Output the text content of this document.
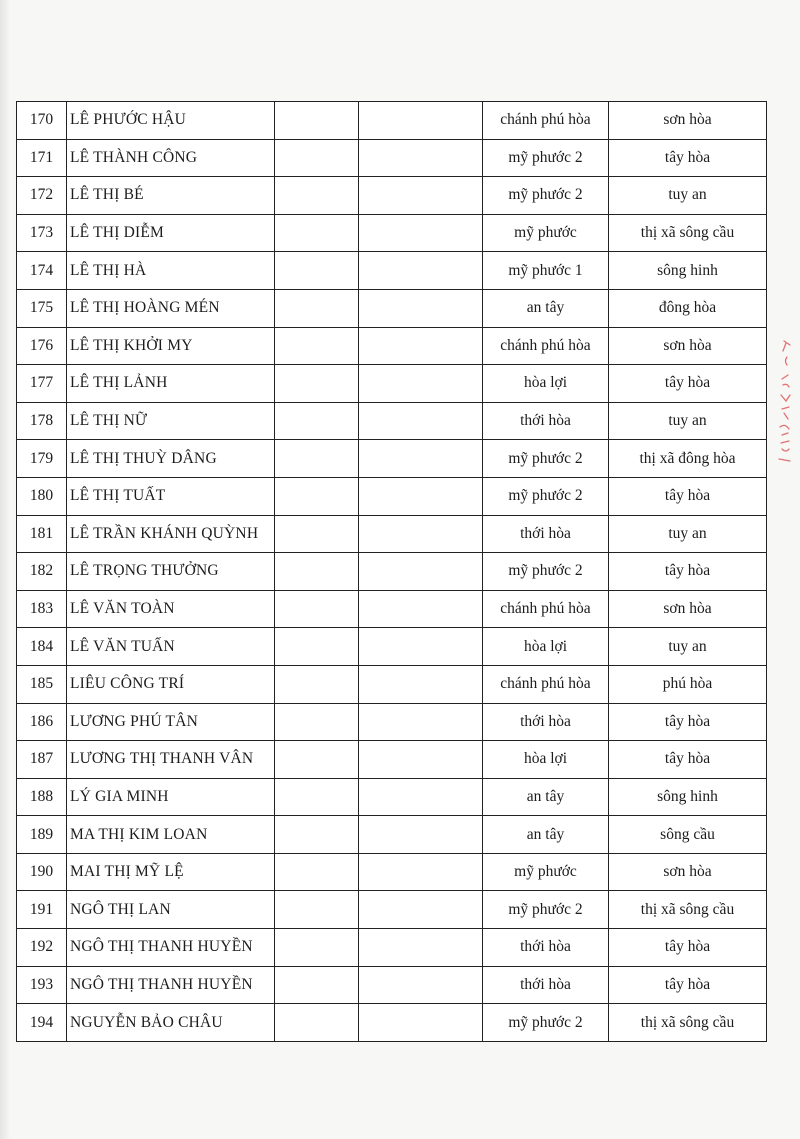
170	LÊ PHƯỚC HẬU			chánh phú hòa	sơn hòa
171	LÊ THÀNH CÔNG			mỹ phước 2	tây hòa
172	LÊ THỊ BÉ			mỹ phước 2	tuy an
173	LÊ THỊ DIỄM			mỹ phước	thị xã sông cầu
174	LÊ THỊ HÀ			mỹ phước 1	sông hinh
175	LÊ THỊ HOÀNG MÉN			an tây	đông hòa
176	LÊ THỊ KHỞI MY			chánh phú hòa	sơn hòa
177	LÊ THỊ LẢNH			hòa lợi	tây hòa
178	LÊ THỊ NỮ			thới hòa	tuy an
179	LÊ THỊ THUỲ DÂNG			mỹ phước 2	thị xã đông hòa
180	LÊ THỊ TUẤT			mỹ phước 2	tây hòa
181	LÊ TRẦN KHÁNH QUỲNH			thới hòa	tuy an
182	LÊ TRỌNG THƯỞNG			mỹ phước 2	tây hòa
183	LÊ VĂN TOÀN			chánh phú hòa	sơn hòa
184	LÊ VĂN TUẤN			hòa lợi	tuy an
185	LIÊU CÔNG TRÍ			chánh phú hòa	phú hòa
186	LƯƠNG PHÚ TÂN			thới hòa	tây hòa
187	LƯƠNG THỊ THANH VÂN			hòa lợi	tây hòa
188	LÝ GIA MINH			an tây	sông hinh
189	MA THỊ KIM LOAN			an tây	sông cầu
190	MAI THỊ MỸ LỆ			mỹ phước	sơn hòa
191	NGÔ THỊ LAN			mỹ phước 2	thị xã sông cầu
192	NGÔ THỊ THANH HUYỀN			thới hòa	tây hòa
193	NGÔ THỊ THANH HUYỀN			thới hòa	tây hòa
194	NGUYỄN BẢO CHÂU			mỹ phước 2	thị xã sông cầu
